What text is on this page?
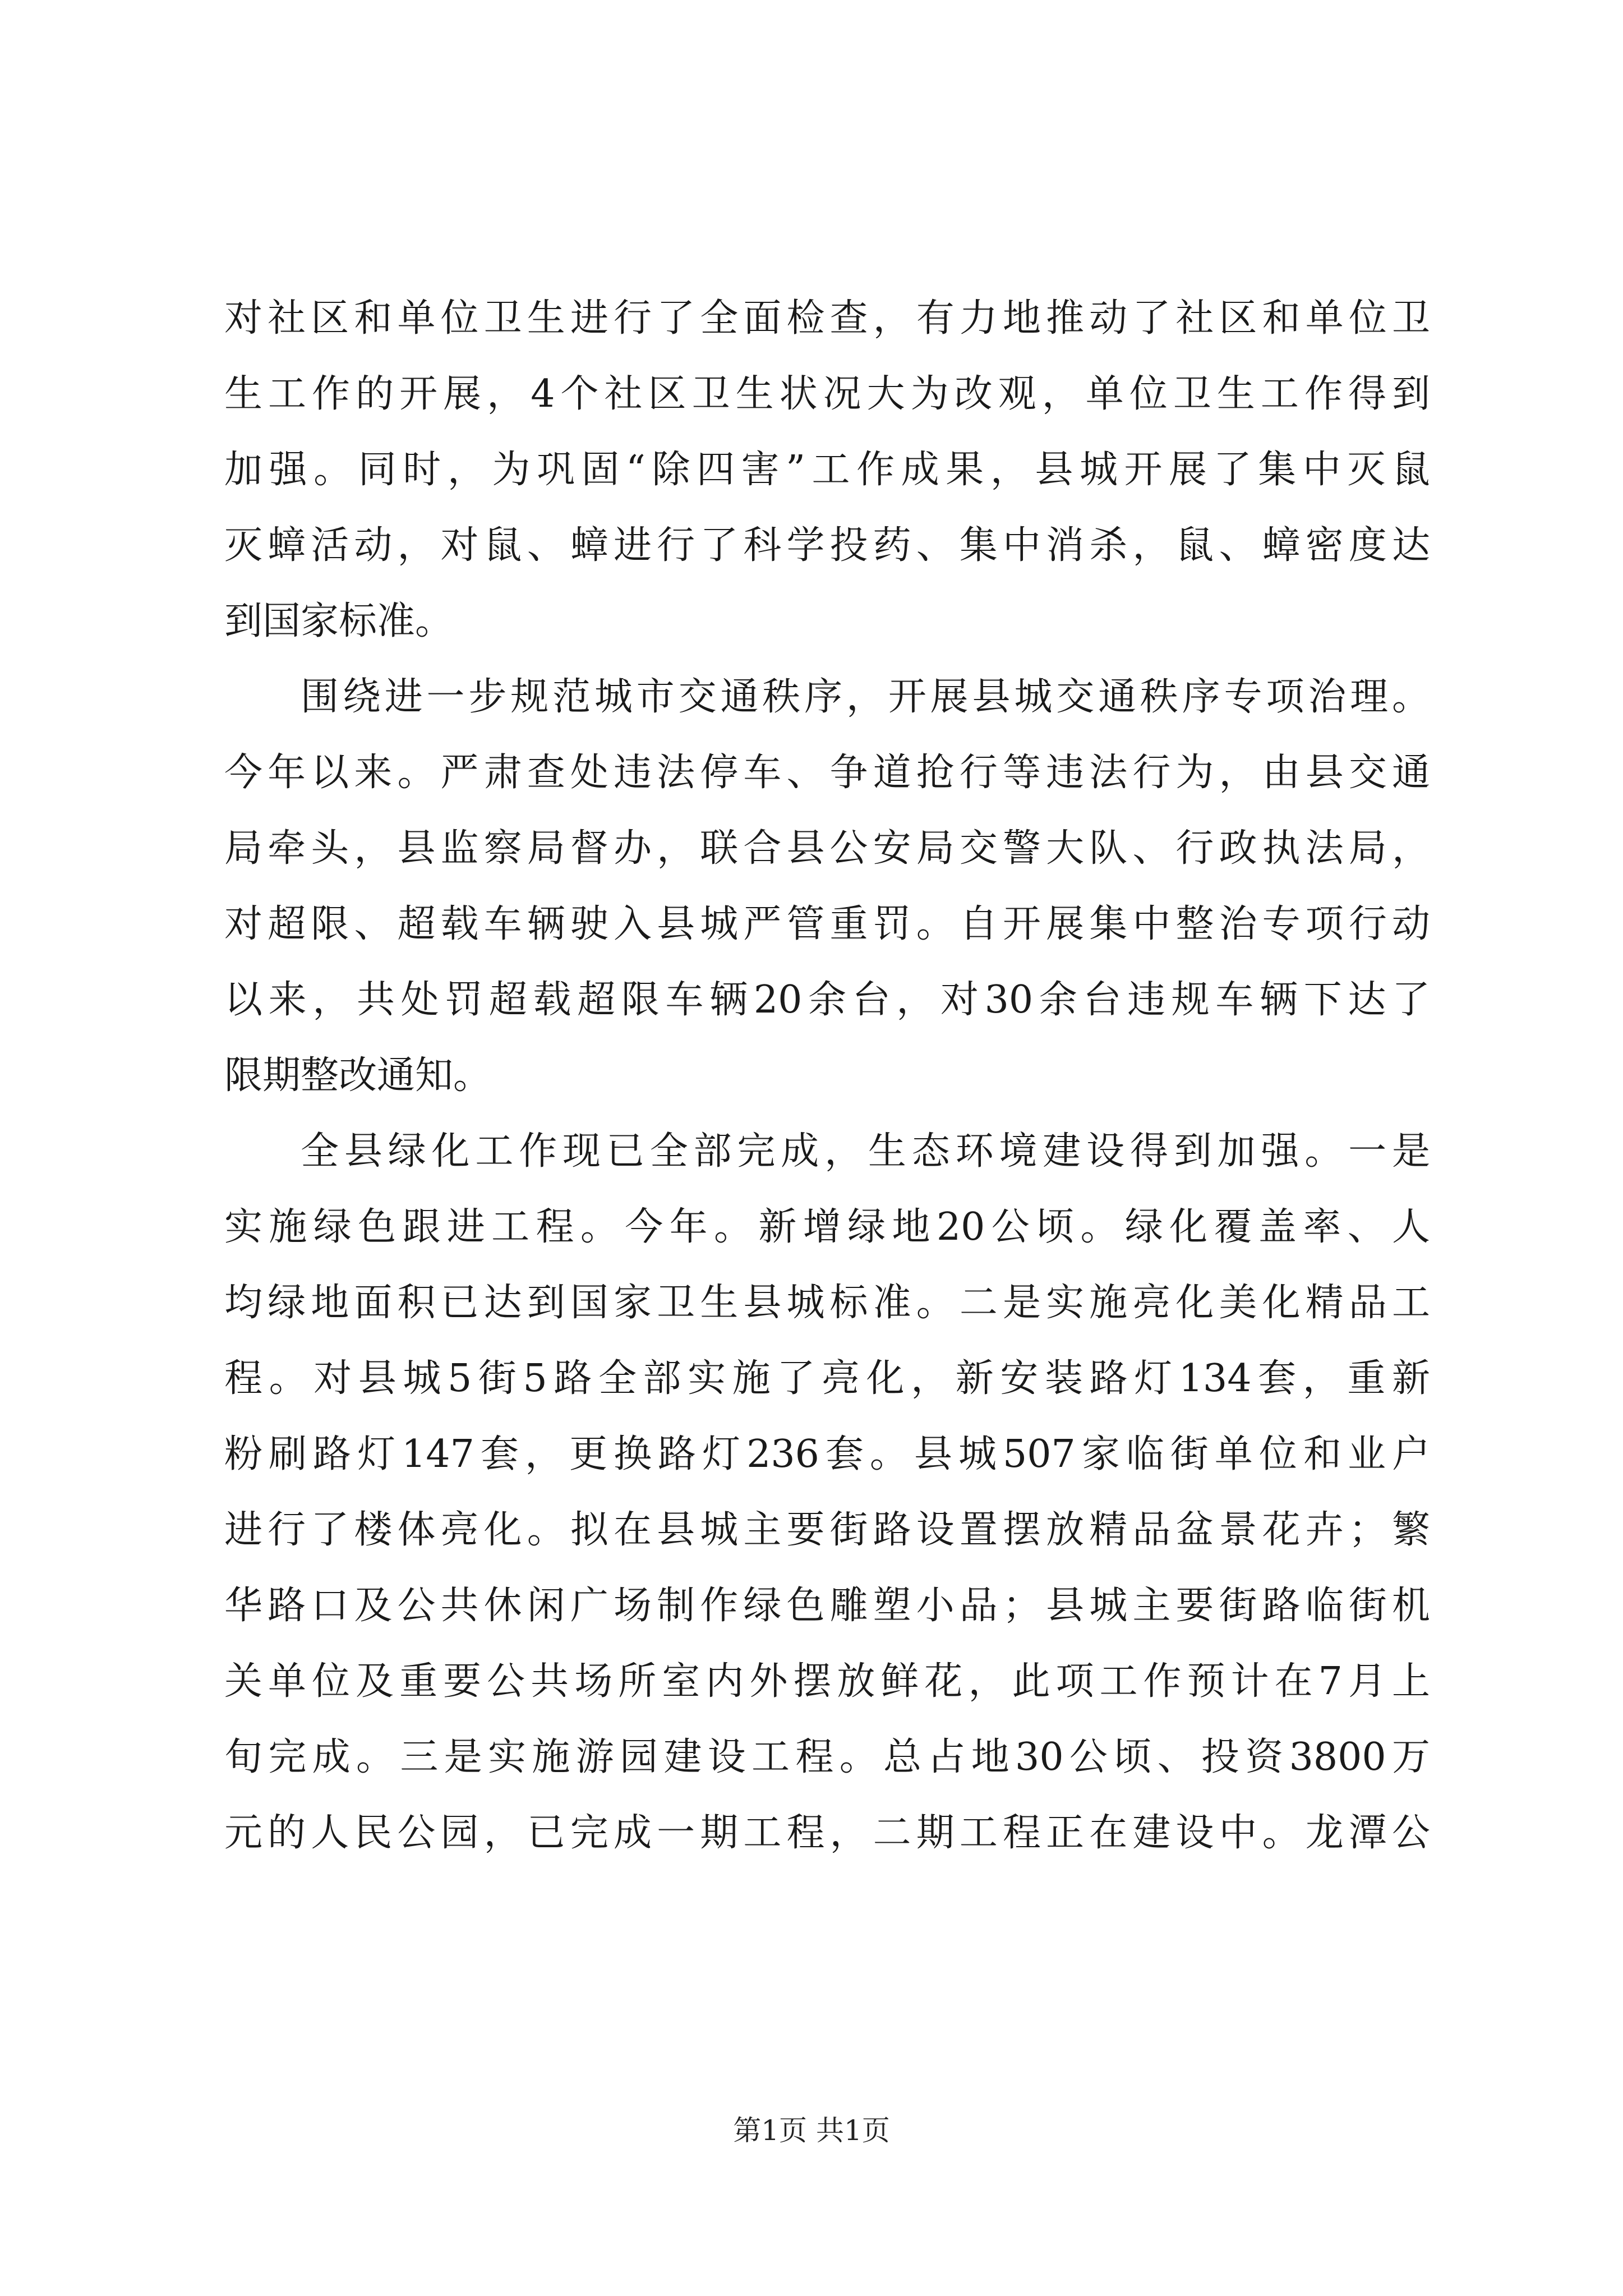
对社区和单位卫生进行了全面检查，有力地推动了社区和单位卫
生工作的开展，4个社区卫生状况大为改观，单位卫生工作得到
加强。同时，为巩固“除四害”工作成果，县城开展了集中灭鼠
灭蟑活动，对鼠、蟑进行了科学投药、集中消杀，鼠、蟑密度达
到国家标准。
围绕进一步规范城市交通秩序，开展县城交通秩序专项治理。
今年以来。严肃查处违法停车、争道抢行等违法行为，由县交通
局牵头，县监察局督办，联合县公安局交警大队、行政执法局，
对超限、超载车辆驶入县城严管重罚。自开展集中整治专项行动
以来，共处罚超载超限车辆20余台，对30余台违规车辆下达了
限期整改通知。
全县绿化工作现已全部完成，生态环境建设得到加强。一是
实施绿色跟进工程。今年。新增绿地20公顷。绿化覆盖率、人
均绿地面积已达到国家卫生县城标准。二是实施亮化美化精品工
程。对县城5街5路全部实施了亮化，新安装路灯134套，重新
粉刷路灯147套，更换路灯236套。县城507家临街单位和业户
进行了楼体亮化。拟在县城主要街路设置摆放精品盆景花卉；繁
华路口及公共休闲广场制作绿色雕塑小品；县城主要街路临街机
关单位及重要公共场所室内外摆放鲜花，此项工作预计在7月上
旬完成。三是实施游园建设工程。总占地30公顷、投资3800万
元的人民公园，已完成一期工程，二期工程正在建设中。龙潭公
第1页 共1页
